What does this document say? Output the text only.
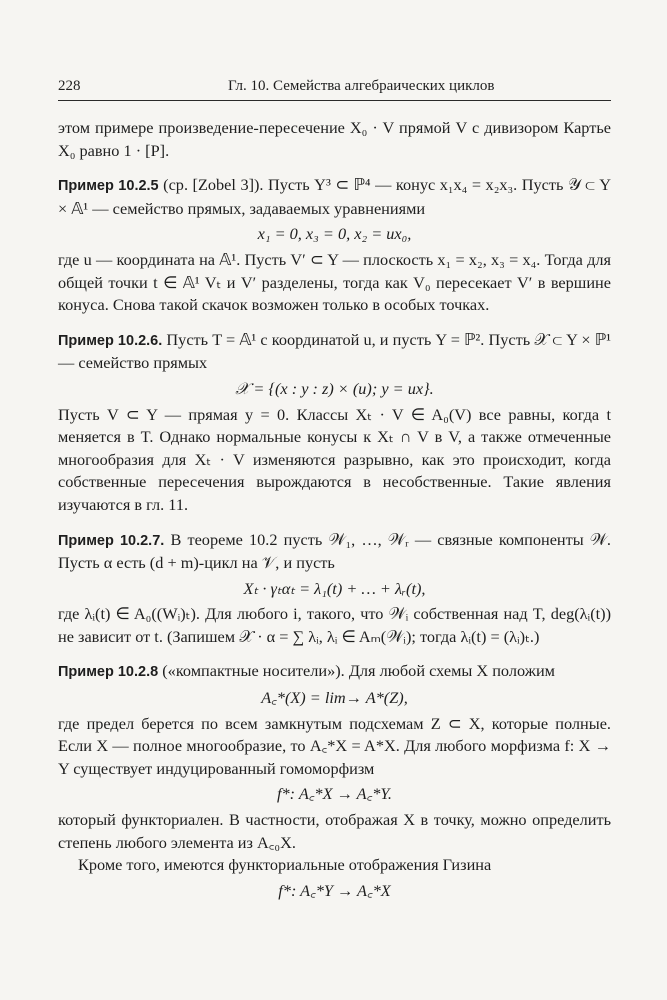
228	Гл. 10. Семейства алгебраических циклов

этом примере произведение-пересечение X₀ · V прямой V с дивизором Картье X₀ равно 1 · [P].

Пример 10.2.5 (ср. [Zobel 3]). Пусть Y³ ⊂ ℙ⁴ — конус x₁x₄ = x₂x₃. Пусть 𝒴 ⊂ Y × 𝔸¹ — семейство прямых, задаваемых уравнениями

x₁ = 0, x₃ = 0, x₂ = ux₀,

где u — координата на 𝔸¹. Пусть V′ ⊂ Y — плоскость x₁ = x₂, x₃ = x₄. Тогда для общей точки t ∈ 𝔸¹ Vₜ и V′ разделены, тогда как V₀ пересекает V′ в вершине конуса. Снова такой скачок возможен только в особых точках.

Пример 10.2.6. Пусть T = 𝔸¹ с координатой u, и пусть Y = ℙ². Пусть 𝒳 ⊂ Y × ℙ¹ — семейство прямых

𝒳 = {(x : y : z) × (u); y = ux}.

Пусть V ⊂ Y — прямая y = 0. Классы Xₜ · V ∈ A₀(V) все равны, когда t меняется в T. Однако нормальные конусы к Xₜ ∩ V в V, а также отмеченные многообразия для Xₜ · V изменяются разрывно, как это происходит, когда собственные пересечения вырождаются в несобственные. Такие явления изучаются в гл. 11.

Пример 10.2.7. В теореме 10.2 пусть 𝒲₁, …, 𝒲ᵣ — связные компоненты 𝒲. Пусть α есть (d + m)-цикл на 𝒱, и пусть

Xₜ · γₜαₜ = λ₁(t) + … + λᵣ(t),

где λᵢ(t) ∈ A₀((Wᵢ)ₜ). Для любого i, такого, что 𝒲ᵢ собственная над T, deg(λᵢ(t)) не зависит от t. (Запишем 𝒳 · α = ∑ λᵢ, λᵢ ∈ Aₘ(𝒲ᵢ); тогда λᵢ(t) = (λᵢ)ₜ.)

Пример 10.2.8 («компактные носители»). Для любой схемы X положим

A꜀*(X) = lim→ A*(Z),

где предел берется по всем замкнутым подсхемам Z ⊂ X, которые полные. Если X — полное многообразие, то A꜀*X = A*X. Для любого морфизма f: X → Y существует индуцированный гомоморфизм

f*: A꜀*X → A꜀*Y.

который функториален. В частности, отображая X в точку, можно определить степень любого элемента из A꜀₀X.

Кроме того, имеются функториальные отображения Гизина

f*: A꜀*Y → A꜀*X
